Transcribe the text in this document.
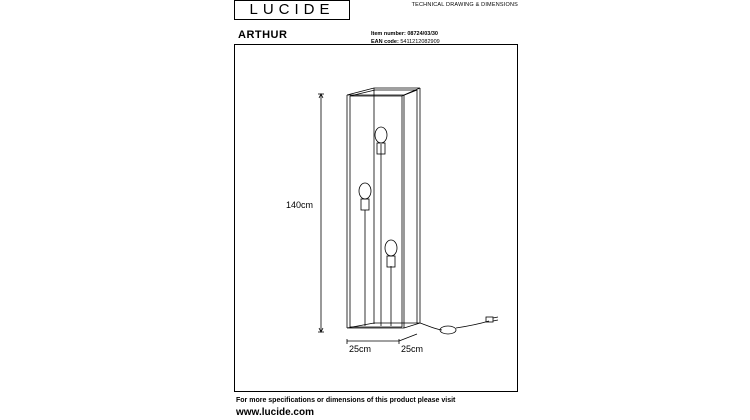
LUCIDE	TECHNICAL DRAWING & DIMENSIONS
ARTHUR	Item number: 08724/03/30
EAN code: 5411212082909
140cm
25cm	25cm
For more specifications or dimensions of this product please visit
www.lucide.com
